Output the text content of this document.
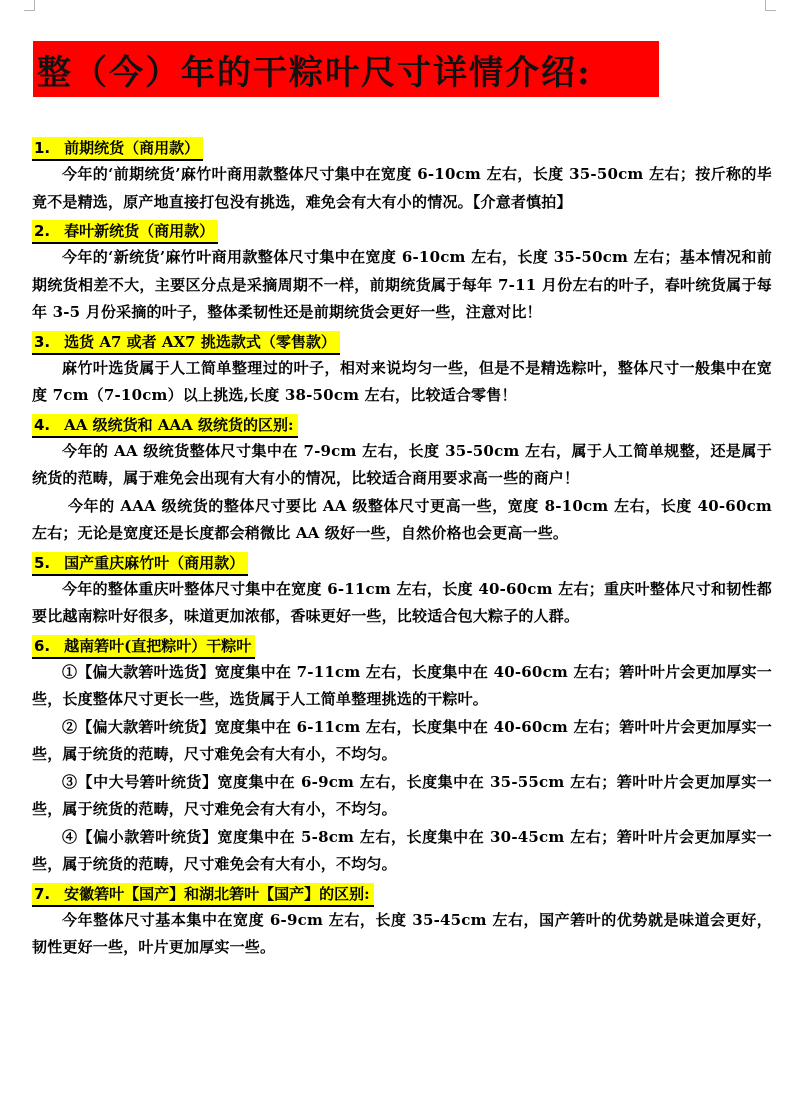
整（今）年的干粽叶尺寸详情介绍:
1. 前期统货（商用款）

今年的‘前期统货’麻竹叶商用款整体尺寸集中在宽度 6-10cm 左右，长度 35-50cm 左右；按斤称的毕竟不是精选，原产地直接打包没有挑选，难免会有大有小的情况。【介意者慎拍】

2. 春叶新统货（商用款）

今年的‘新统货’麻竹叶商用款整体尺寸集中在宽度 6-10cm 左右，长度 35-50cm 左右；基本情况和前期统货相差不大，主要区分点是采摘周期不一样，前期统货属于每年 7-11 月份左右的叶子，春叶统货属于每年 3-5 月份采摘的叶子，整体柔韧性还是前期统货会更好一些，注意对比！

3. 选货 A7 或者 AX7 挑选款式（零售款）

麻竹叶选货属于人工简单整理过的叶子，相对来说均匀一些，但是不是精选粽叶，整体尺寸一般集中在宽度 7cm（7-10cm）以上挑选,长度 38-50cm 左右，比较适合零售！

4. AA 级统货和 AAA 级统货的区别:

今年的 AA 级统货整体尺寸集中在 7-9cm 左右，长度 35-50cm 左右，属于人工简单规整，还是属于统货的范畴，属于难免会出现有大有小的情况，比较适合商用要求高一些的商户！

今年的 AAA 级统货的整体尺寸要比 AA 级整体尺寸更高一些，宽度 8-10cm 左右，长度 40-60cm 左右；无论是宽度还是长度都会稍微比 AA 级好一些，自然价格也会更高一些。

5. 国产重庆麻竹叶（商用款）

今年的整体重庆叶整体尺寸集中在宽度 6-11cm 左右，长度 40-60cm 左右；重庆叶整体尺寸和韧性都要比越南粽叶好很多，味道更加浓郁，香味更好一些，比较适合包大粽子的人群。

6. 越南箬叶(直把粽叶）干粽叶

①【偏大款箬叶选货】宽度集中在 7-11cm 左右，长度集中在 40-60cm 左右；箬叶叶片会更加厚实一些，长度整体尺寸更长一些，选货属于人工简单整理挑选的干粽叶。

②【偏大款箬叶统货】宽度集中在 6-11cm 左右，长度集中在 40-60cm 左右；箬叶叶片会更加厚实一些，属于统货的范畴，尺寸难免会有大有小，不均匀。

③【中大号箬叶统货】宽度集中在 6-9cm 左右，长度集中在 35-55cm 左右；箬叶叶片会更加厚实一些，属于统货的范畴，尺寸难免会有大有小，不均匀。

④【偏小款箬叶统货】宽度集中在 5-8cm 左右，长度集中在 30-45cm 左右；箬叶叶片会更加厚实一些，属于统货的范畴，尺寸难免会有大有小，不均匀。

7. 安徽箬叶【国产】和湖北箬叶【国产】的区别:

今年整体尺寸基本集中在宽度 6-9cm 左右，长度 35-45cm 左右，国产箬叶的优势就是味道会更好，韧性更好一些，叶片更加厚实一些。
